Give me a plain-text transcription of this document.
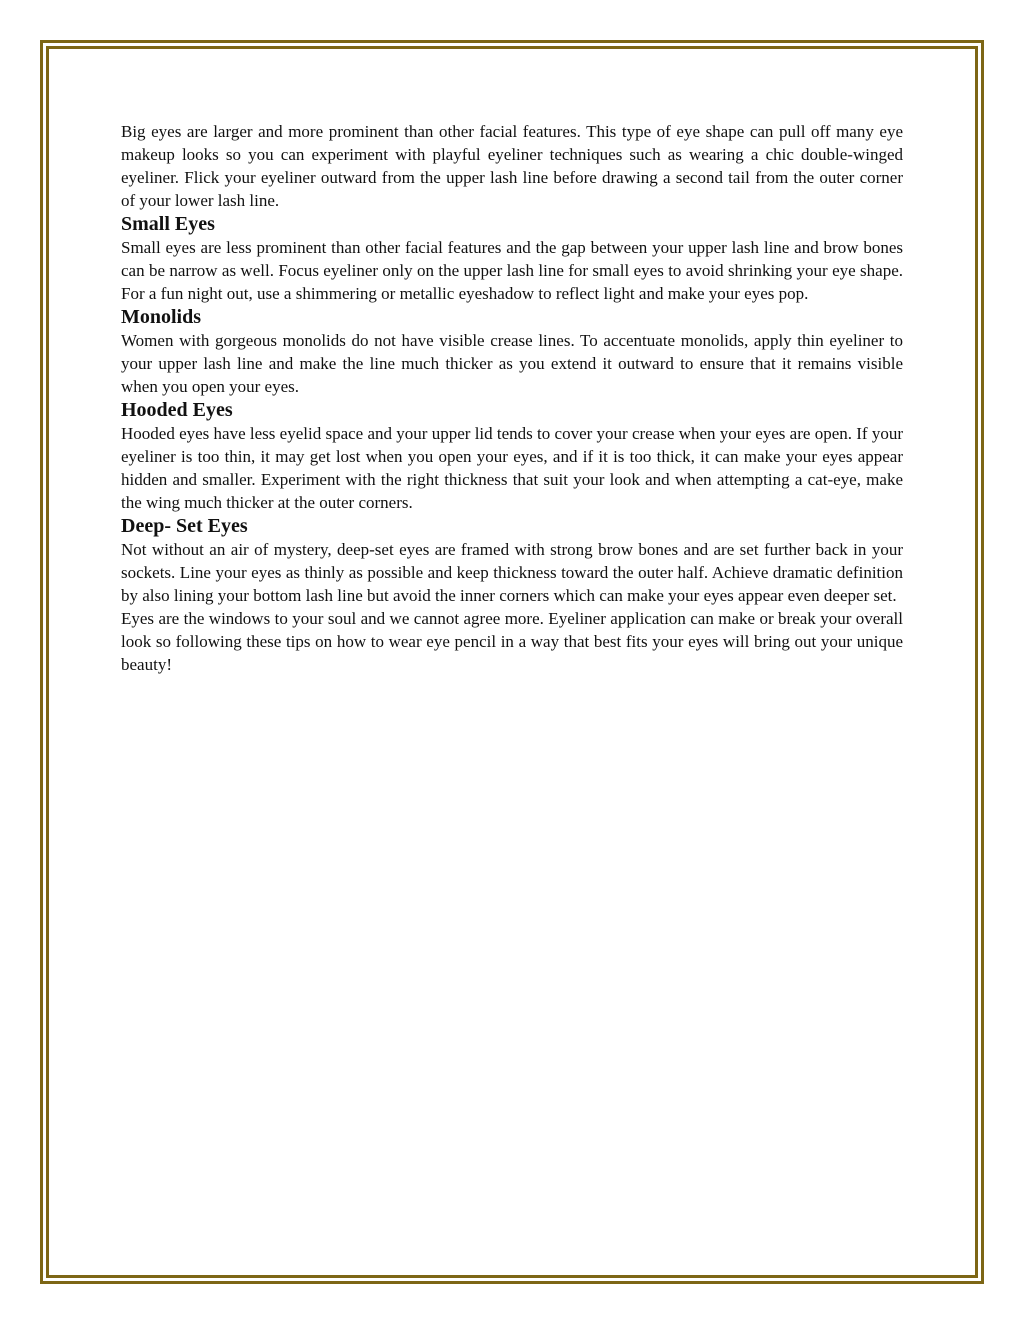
Big eyes are larger and more prominent than other facial features. This type of eye shape can pull off many eye makeup looks so you can experiment with playful eyeliner techniques such as wearing a chic double-winged eyeliner. Flick your eyeliner outward from the upper lash line before drawing a second tail from the outer corner of your lower lash line.

Small Eyes

Small eyes are less prominent than other facial features and the gap between your upper lash line and brow bones can be narrow as well. Focus eyeliner only on the upper lash line for small eyes to avoid shrinking your eye shape. For a fun night out, use a shimmering or metallic eyeshadow to reflect light and make your eyes pop.

Monolids

Women with gorgeous monolids do not have visible crease lines. To accentuate monolids, apply thin eyeliner to your upper lash line and make the line much thicker as you extend it outward to ensure that it remains visible when you open your eyes.

Hooded Eyes

Hooded eyes have less eyelid space and your upper lid tends to cover your crease when your eyes are open. If your eyeliner is too thin, it may get lost when you open your eyes, and if it is too thick, it can make your eyes appear hidden and smaller. Experiment with the right thickness that suit your look and when attempting a cat-eye, make the wing much thicker at the outer corners.

Deep- Set Eyes

Not without an air of mystery, deep-set eyes are framed with strong brow bones and are set further back in your sockets. Line your eyes as thinly as possible and keep thickness toward the outer half. Achieve dramatic definition by also lining your bottom lash line but avoid the inner corners which can make your eyes appear even deeper set.

Eyes are the windows to your soul and we cannot agree more. Eyeliner application can make or break your overall look so following these tips on how to wear eye pencil in a way that best fits your eyes will bring out your unique beauty!
